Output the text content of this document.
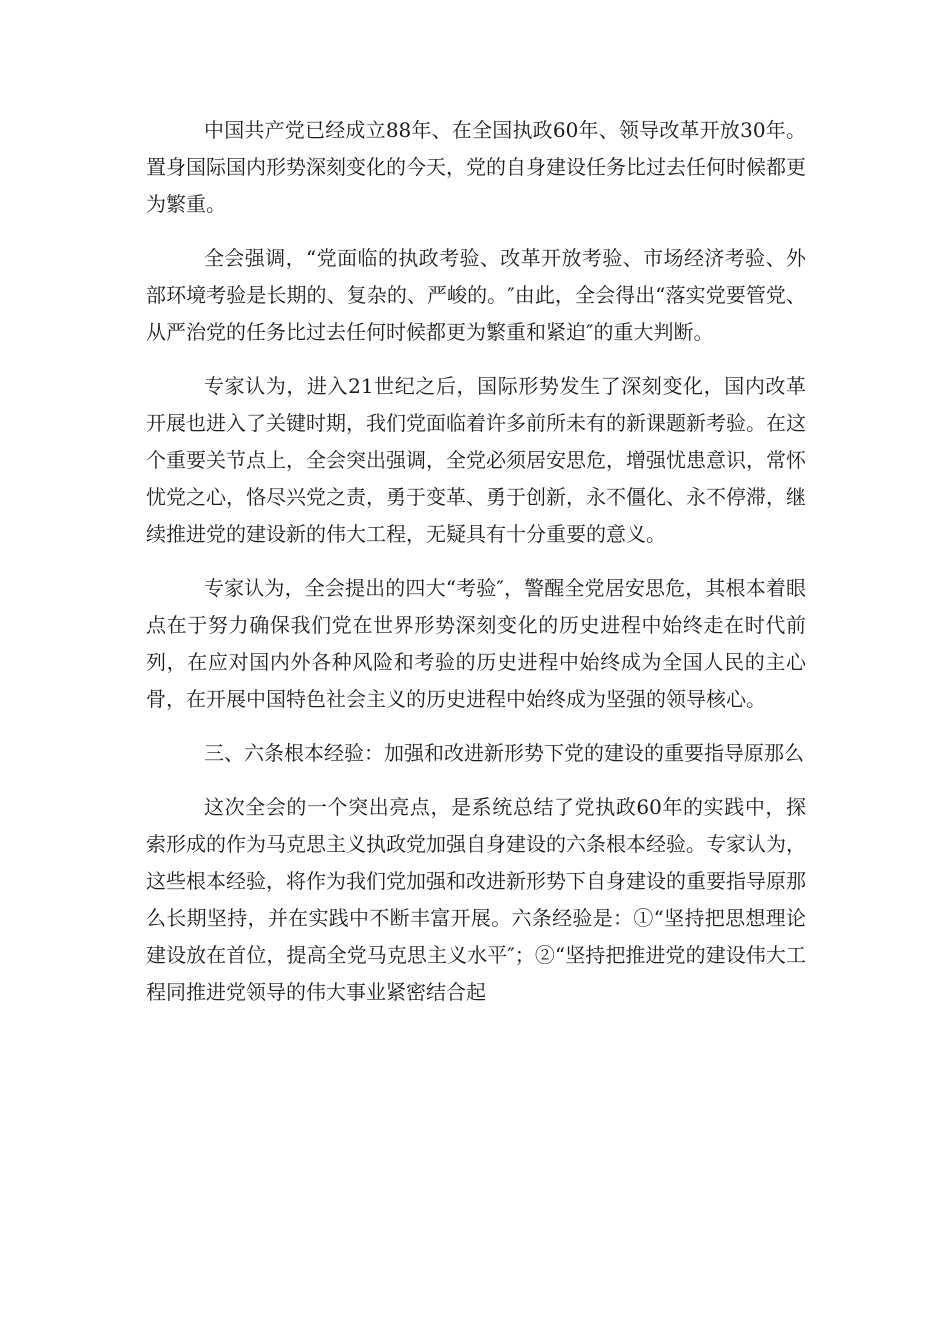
中国共产党已经成立88年、在全国执政60年、领导改革开放30年。置身国际国内形势深刻变化的今天，党的自身建设任务比过去任何时候都更为繁重。

全会强调，“党面临的执政考验、改革开放考验、市场经济考验、外部环境考验是长期的、复杂的、严峻的。″由此，全会得出“落实党要管党、从严治党的任务比过去任何时候都更为繁重和紧迫″的重大判断。

专家认为，进入21世纪之后，国际形势发生了深刻变化，国内改革开展也进入了关键时期，我们党面临着许多前所未有的新课题新考验。在这个重要关节点上，全会突出强调，全党必须居安思危，增强忧患意识，常怀忧党之心，恪尽兴党之责，勇于变革、勇于创新，永不僵化、永不停滞，继续推进党的建设新的伟大工程，无疑具有十分重要的意义。

专家认为，全会提出的四大“考验″，警醒全党居安思危，其根本着眼点在于努力确保我们党在世界形势深刻变化的历史进程中始终走在时代前列，在应对国内外各种风险和考验的历史进程中始终成为全国人民的主心骨，在开展中国特色社会主义的历史进程中始终成为坚强的领导核心。

三、六条根本经验：加强和改进新形势下党的建设的重要指导原那么

这次全会的一个突出亮点，是系统总结了党执政60年的实践中，探索形成的作为马克思主义执政党加强自身建设的六条根本经验。专家认为，这些根本经验，将作为我们党加强和改进新形势下自身建设的重要指导原那么长期坚持，并在实践中不断丰富开展。六条经验是：①“坚持把思想理论建设放在首位，提高全党马克思主义水平″；②“坚持把推进党的建设伟大工程同推进党领导的伟大事业紧密结合起
